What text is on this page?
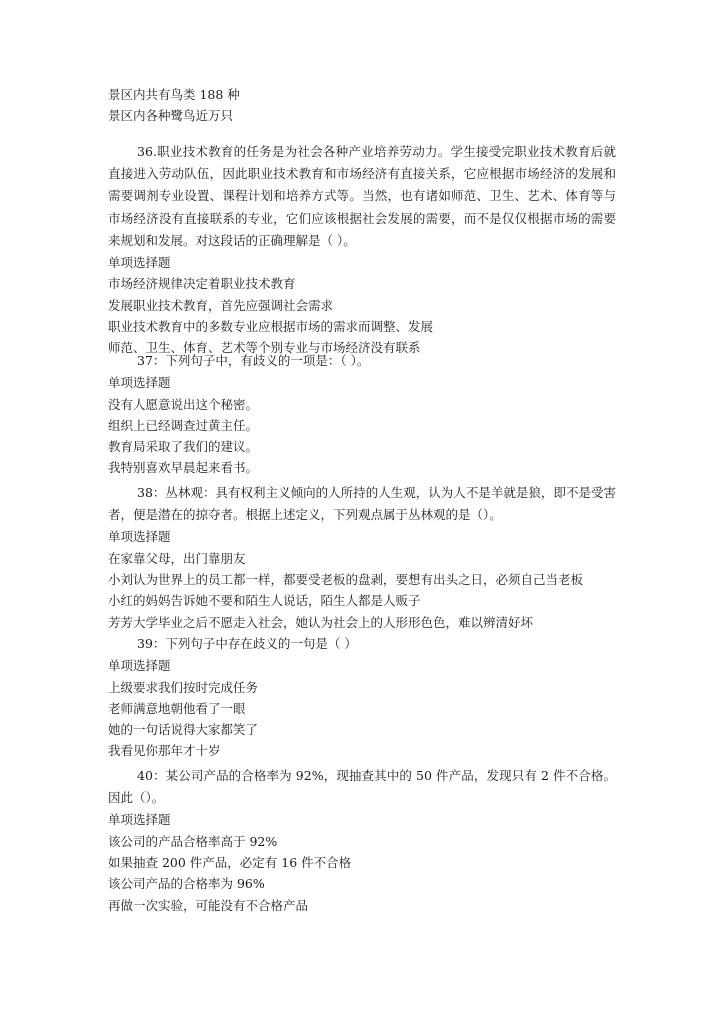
景区内共有鸟类 188 种

景区内各种鹭鸟近万只

36.职业技术教育的任务是为社会各种产业培养劳动力。学生接受完职业技术教育后就直接进入劳动队伍，因此职业技术教育和市场经济有直接关系，它应根据市场经济的发展和需要调剂专业设置、课程计划和培养方式等。当然，也有诸如师范、卫生、艺术、体育等与市场经济没有直接联系的专业，它们应该根据社会发展的需要，而不是仅仅根据市场的需要来规划和发展。对这段话的正确理解是（ ）。

单项选择题

市场经济规律决定着职业技术教育

发展职业技术教育，首先应强调社会需求

职业技术教育中的多数专业应根据市场的需求而调整、发展

师范、卫生、体育、艺术等个别专业与市场经济没有联系

37：下列句子中，有歧义的一项是：（ ）。

单项选择题

没有人愿意说出这个秘密。

组织上已经调查过黄主任。

教育局采取了我们的建议。

我特别喜欢早晨起来看书。

38：丛林观：具有权利主义倾向的人所持的人生观，认为人不是羊就是狼，即不是受害者，便是潜在的掠夺者。根据上述定义，下列观点属于丛林观的是（）。

单项选择题

在家靠父母，出门靠朋友

小刘认为世界上的员工都一样，都要受老板的盘剥，要想有出头之日，必须自己当老板

小红的妈妈告诉她不要和陌生人说话，陌生人都是人贩子

芳芳大学毕业之后不愿走入社会，她认为社会上的人形形色色，难以辨清好坏

39：下列句子中存在歧义的一句是（ ）

单项选择题

上级要求我们按时完成任务

老师满意地朝他看了一眼

她的一句话说得大家都笑了

我看见你那年才十岁

40：某公司产品的合格率为 92%，现抽查其中的 50 件产品，发现只有 2 件不合格。因此（）。

单项选择题

该公司的产品合格率高于 92%

如果抽查 200 件产品，必定有 16 件不合格

该公司产品的合格率为 96%

再做一次实验，可能没有不合格产品
